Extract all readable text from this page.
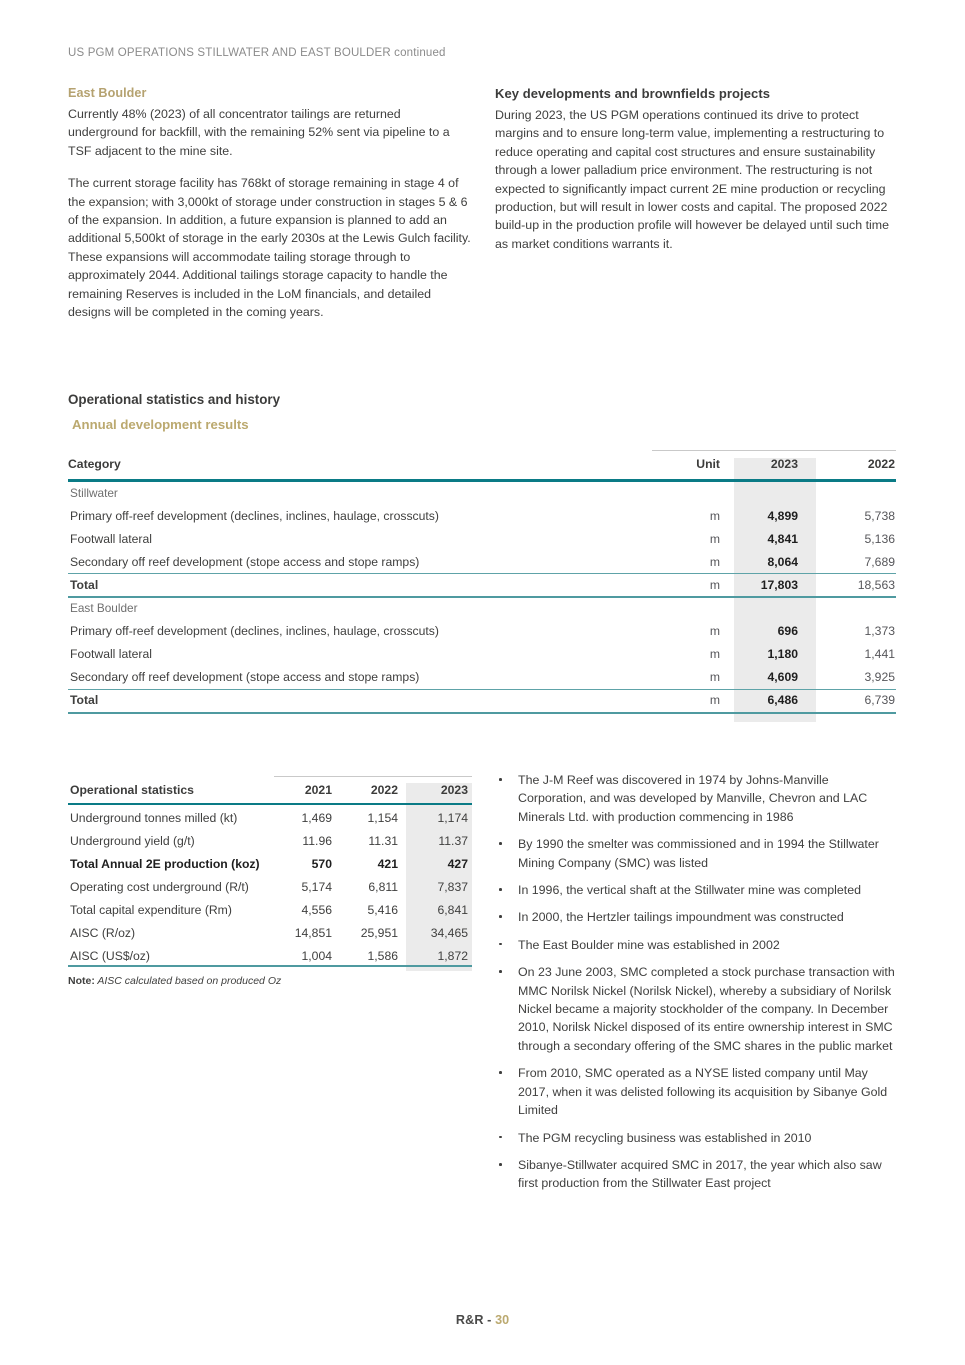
US PGM OPERATIONS STILLWATER AND EAST BOULDER continued
East Boulder

Currently 48% (2023) of all concentrator tailings are returned underground for backfill, with the remaining 52% sent via pipeline to a TSF adjacent to the mine site.

The current storage facility has 768kt of storage remaining in stage 4 of the expansion; with 3,000kt of storage under construction in stages 5 & 6 of the expansion. In addition, a future expansion is planned to add an additional 5,500kt of storage in the early 2030s at the Lewis Gulch facility. These expansions will accommodate tailing storage through to approximately 2044. Additional tailings storage capacity to handle the remaining Reserves is included in the LoM financials, and detailed designs will be completed in the coming years.

Key developments and brownfields projects

During 2023, the US PGM operations continued its drive to protect margins and to ensure long-term value, implementing a restructuring to reduce operating and capital cost structures and ensure sustainability through a lower palladium price environment. The restructuring is not expected to significantly impact current 2E mine production or recycling production, but will result in lower costs and capital. The proposed 2022 build-up in the production profile will however be delayed until such time as market conditions warrants it.

Operational statistics and history
Annual development results
Category	Unit	2023	2022
Stillwater			
Primary off-reef development (declines, inclines, haulage, crosscuts)	m	4,899	5,738
Footwall lateral	m	4,841	5,136
Secondary off reef development (stope access and stope ramps)	m	8,064	7,689
Total	m	17,803	18,563
East Boulder			
Primary off-reef development (declines, inclines, haulage, crosscuts)	m	696	1,373
Footwall lateral	m	1,180	1,441
Secondary off reef development (stope access and stope ramps)	m	4,609	3,925
Total	m	6,486	6,739
Operational statistics	2021	2022	2023
Underground tonnes milled (kt)	1,469	1,154	1,174
Underground yield (g/t)	11.96	11.31	11.37
Total Annual 2E production (koz)	570	421	427
Operating cost underground (R/t)	5,174	6,811	7,837
Total capital expenditure (Rm)	4,556	5,416	6,841
AISC (R/oz)	14,851	25,951	34,465
AISC (US$/oz)	1,004	1,586	1,872
Note: AISC calculated based on produced Oz
The J-M Reef was discovered in 1974 by Johns-Manville Corporation, and was developed by Manville, Chevron and LAC Minerals Ltd. with production commencing in 1986
By 1990 the smelter was commissioned and in 1994 the Stillwater Mining Company (SMC) was listed
In 1996, the vertical shaft at the Stillwater mine was completed
In 2000, the Hertzler tailings impoundment was constructed
The East Boulder mine was established in 2002
On 23 June 2003, SMC completed a stock purchase transaction with MMC Norilsk Nickel (Norilsk Nickel), whereby a subsidiary of Norilsk Nickel became a majority stockholder of the company. In December 2010, Norilsk Nickel disposed of its entire ownership interest in SMC through a secondary offering of the SMC shares in the public market
From 2010, SMC operated as a NYSE listed company until May 2017, when it was delisted following its acquisition by Sibanye Gold Limited
The PGM recycling business was established in 2010
Sibanye-Stillwater acquired SMC in 2017, the year which also saw first production from the Stillwater East project
R&R - 30
